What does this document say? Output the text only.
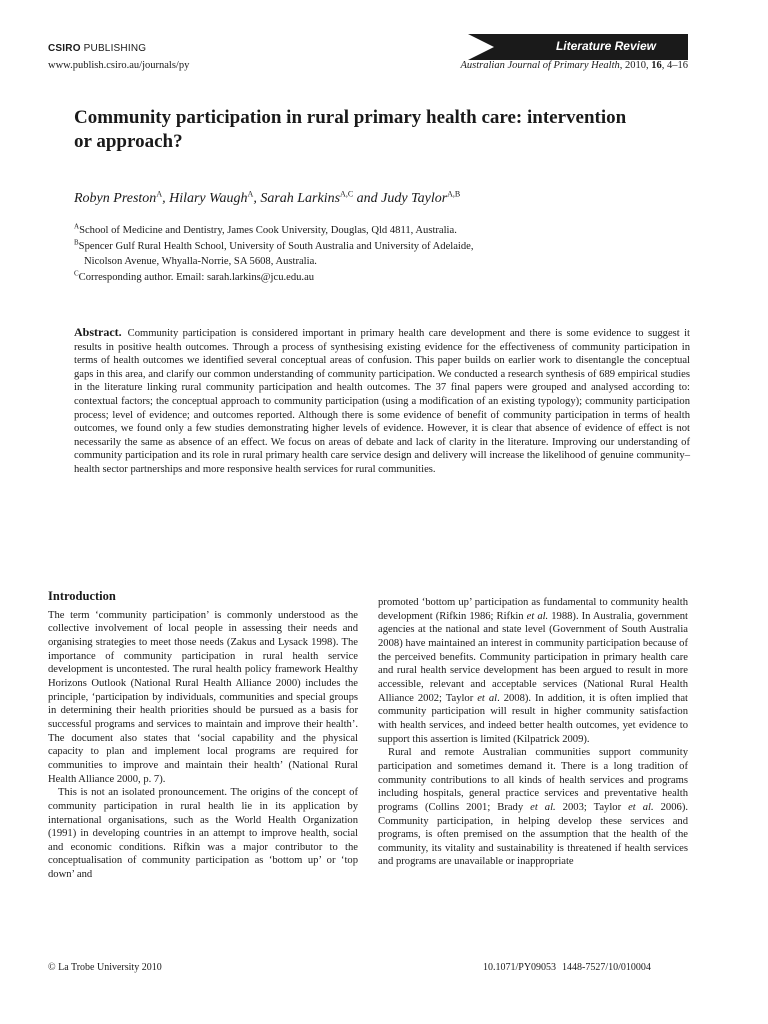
CSIRO PUBLISHING
www.publish.csiro.au/journals/py
Literature Review
Australian Journal of Primary Health, 2010, 16, 4–16
Community participation in rural primary health care: intervention or approach?
Robyn Preston$^A$, Hilary Waugh$^A$, Sarah Larkins$^{A,C}$ and Judy Taylor$^{A,B}$
$^A$School of Medicine and Dentistry, James Cook University, Douglas, Qld 4811, Australia.
$^B$Spencer Gulf Rural Health School, University of South Australia and University of Adelaide,
Nicolson Avenue, Whyalla-Norrie, SA 5608, Australia.
$^C$Corresponding author. Email: sarah.larkins@jcu.edu.au
Abstract. Community participation is considered important in primary health care development and there is some evidence to suggest it results in positive health outcomes. Through a process of synthesising existing evidence for the effectiveness of community participation in terms of health outcomes we identified several conceptual areas of confusion. This paper builds on earlier work to disentangle the conceptual gaps in this area, and clarify our common understanding of community participation. We conducted a research synthesis of 689 empirical studies in the literature linking rural community participation and health outcomes. The 37 final papers were grouped and analysed according to: contextual factors; the conceptual approach to community participation (using a modification of an existing typology); community participation process; level of evidence; and outcomes reported. Although there is some evidence of benefit of community participation in terms of health outcomes, we found only a few studies demonstrating higher levels of evidence. However, it is clear that absence of evidence of effect is not necessarily the same as absence of an effect. We focus on areas of debate and lack of clarity in the literature. Improving our understanding of community participation and its role in rural primary health care service design and delivery will increase the likelihood of genuine community–health sector partnerships and more responsive health services for rural communities.
Introduction

The term ‘community participation’ is commonly understood as the collective involvement of local people in assessing their needs and organising strategies to meet those needs (Zakus and Lysack 1998). The importance of community participation in rural health service development is uncontested. The rural health policy framework Healthy Horizons Outlook (National Rural Health Alliance 2000) includes the principle, ‘participation by individuals, communities and special groups in determining their health priorities should be pursued as a basis for successful programs and services to maintain and improve their health’. The document also states that ‘social capability and the physical capacity to plan and implement local programs are required for communities to improve and maintain their health’ (National Rural Health Alliance 2000, p. 7).

This is not an isolated pronouncement. The origins of the concept of community participation in rural health lie in its application by international organisations, such as the World Health Organization (1991) in developing countries in an attempt to improve health, social and economic conditions. Rifkin was a major contributor to the conceptualisation of community participation as ‘bottom up’ or ‘top down’ and

promoted ‘bottom up’ participation as fundamental to community health development (Rifkin 1986; Rifkin et al. 1988). In Australia, government agencies at the national and state level (Government of South Australia 2008) have maintained an interest in community participation because of the perceived benefits. Community participation in primary health care and rural health service development has been argued to result in more accessible, relevant and acceptable services (National Rural Health Alliance 2002; Taylor et al. 2008). In addition, it is often implied that community participation will result in higher community satisfaction with health services, and indeed better health outcomes, yet evidence to support this assertion is limited (Kilpatrick 2009).

Rural and remote Australian communities support community participation and sometimes demand it. There is a long tradition of community contributions to all kinds of health services and programs including hospitals, general practice services and preventative health programs (Collins 2001; Brady et al. 2003; Taylor et al. 2006). Community participation, in helping develop these services and programs, is often premised on the assumption that the health of the community, its vitality and sustainability is threatened if health services and programs are unavailable or inappropriate

© La Trobe University 2010	10.1071/PY09053 1448-7527/10/010004
